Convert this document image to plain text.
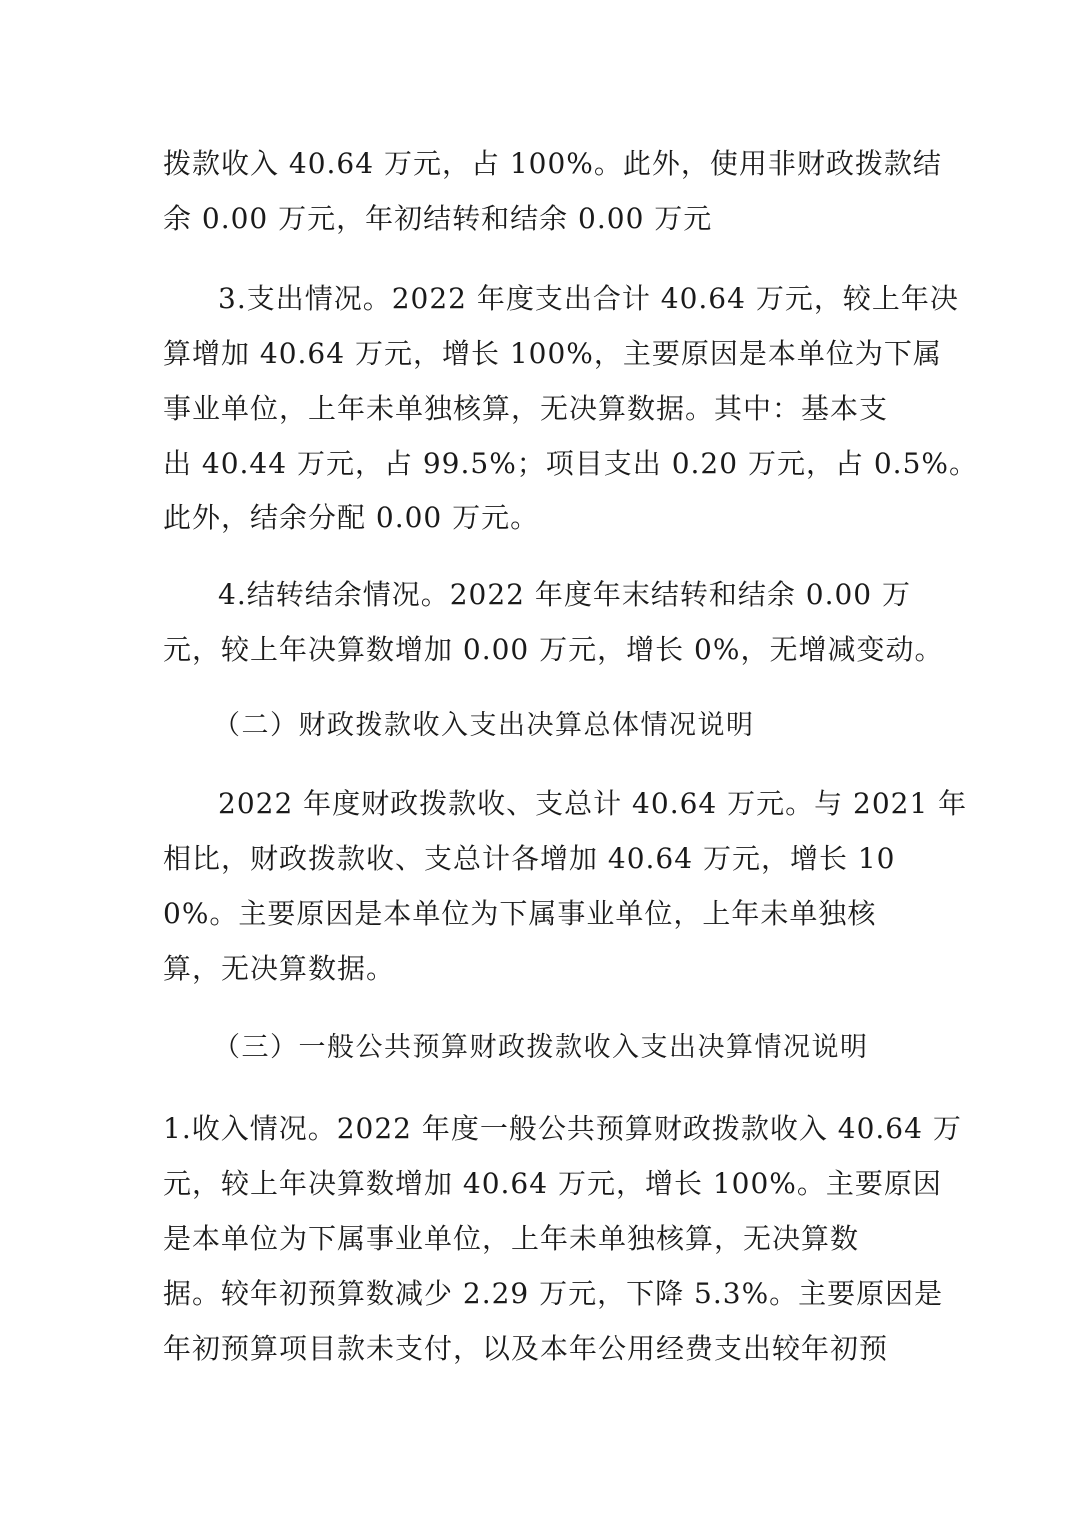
拨款收入 40.64 万元，占 100%。此外，使用非财政拨款结
余 0.00 万元，年初结转和结余 0.00 万元
3.支出情况。2022 年度支出合计 40.64 万元，较上年决
算增加 40.64 万元，增长 100%，主要原因是本单位为下属
事业单位，上年未单独核算，无决算数据。其中：基本支
出 40.44 万元，占 99.5%；项目支出 0.20 万元，占 0.5%。
此外，结余分配 0.00 万元。
4.结转结余情况。2022 年度年末结转和结余 0.00 万
元，较上年决算数增加 0.00 万元，增长 0%，无增减变动。
（二）财政拨款收入支出决算总体情况说明
2022 年度财政拨款收、支总计 40.64 万元。与 2021 年
相比，财政拨款收、支总计各增加 40.64 万元，增长 10
0%。主要原因是本单位为下属事业单位，上年未单独核
算，无决算数据。
（三）一般公共预算财政拨款收入支出决算情况说明
1.收入情况。2022 年度一般公共预算财政拨款收入 40.64 万
元，较上年决算数增加 40.64 万元，增长 100%。主要原因
是本单位为下属事业单位，上年未单独核算，无决算数
据。较年初预算数减少 2.29 万元，下降 5.3%。主要原因是
年初预算项目款未支付，以及本年公用经费支出较年初预
